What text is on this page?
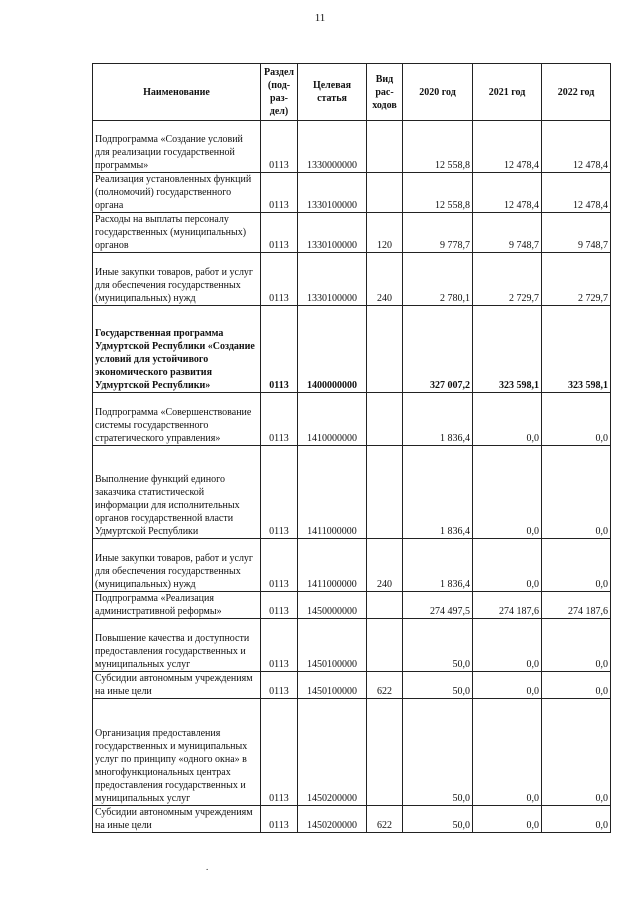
11
Наименование	Раздел (под-раз-дел)	Целевая статья	Вид рас-ходов	2020 год	2021 год	2022 год
Подпрограмма «Создание условий для реализации государственной программы»	0113	1330000000		12 558,8	12 478,4	12 478,4
Реализация установленных функций (полномочий) государственного органа	0113	1330100000		12 558,8	12 478,4	12 478,4
Расходы на выплаты персоналу государственных (муниципальных) органов	0113	1330100000	120	9 778,7	9 748,7	9 748,7
Иные закупки товаров, работ и услуг для обеспечения государственных (муниципальных) нужд	0113	1330100000	240	2 780,1	2 729,7	2 729,7
Государственная программа Удмуртской Республики «Создание условий для устойчивого экономического развития Удмуртской Республики»	0113	1400000000		327 007,2	323 598,1	323 598,1
Подпрограмма «Совершенствование системы государственного стратегического управления»	0113	1410000000		1 836,4	0,0	0,0
Выполнение функций единого заказчика статистической информации для исполнительных органов государственной власти Удмуртской Республики	0113	1411000000		1 836,4	0,0	0,0
Иные закупки товаров, работ и услуг для обеспечения государственных (муниципальных) нужд	0113	1411000000	240	1 836,4	0,0	0,0
Подпрограмма «Реализация административной реформы»	0113	1450000000		274 497,5	274 187,6	274 187,6
Повышение качества и доступности предоставления государственных и муниципальных услуг	0113	1450100000		50,0	0,0	0,0
Субсидии автономным учреждениям на иные цели	0113	1450100000	622	50,0	0,0	0,0
Организация предоставления государственных и муниципальных услуг по принципу «одного окна» в многофункциональных центрах предоставления государственных и муниципальных услуг	0113	1450200000		50,0	0,0	0,0
Субсидии автономным учреждениям на иные цели	0113	1450200000	622	50,0	0,0	0,0
.
